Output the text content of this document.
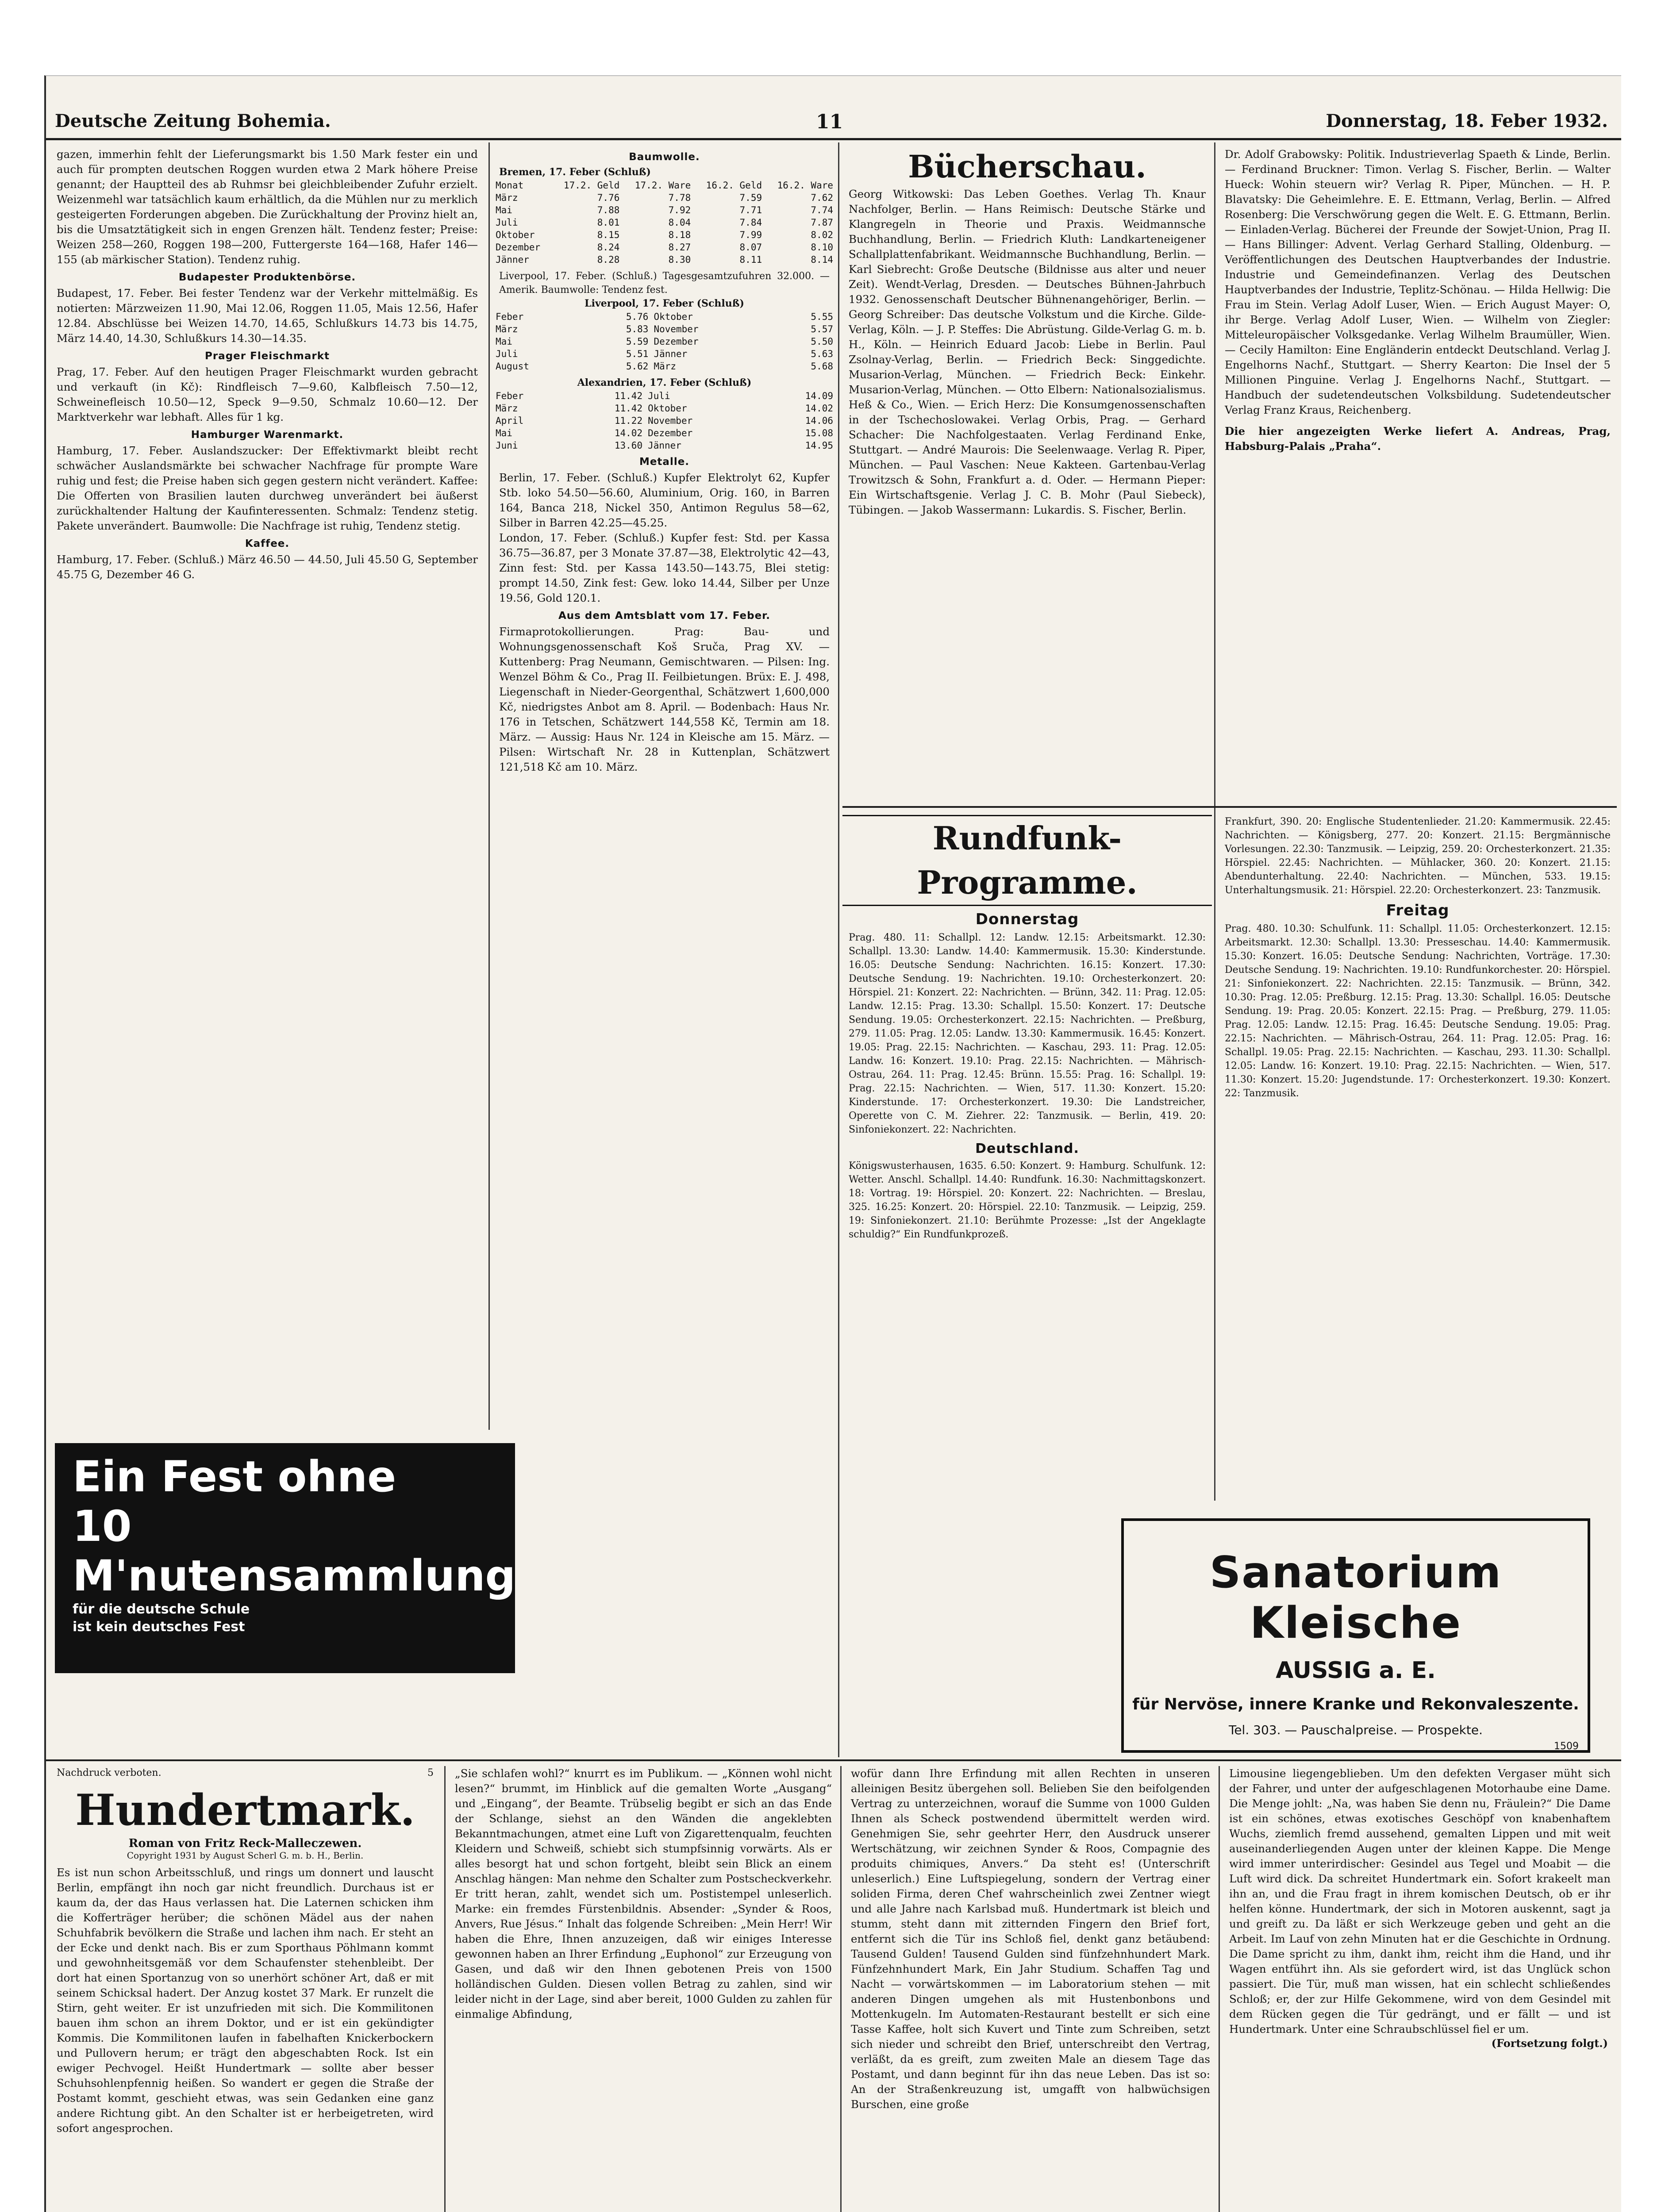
Deutsche Zeitung Bohemia.	11	Donnerstag, 18. Feber 1932.

gazen, immerhin fehlt der Lieferungsmarkt bis 1.50 Mark fester ein und auch für prompten deutschen Roggen wurden etwa 2 Mark höhere Preise genannt; der Hauptteil des ab Ruhmsr bei gleichbleibender Zufuhr erzielt. Weizenmehl war tatsächlich kaum erhältlich, da die Mühlen nur zu merklich gesteigerten Forderungen abgeben. Die Zurückhaltung der Provinz hielt an, bis die Umsatztätigkeit sich in engen Grenzen hält. Tendenz fester; Preise: Weizen 258—260, Roggen 198—200, Futtergerste 164—168, Hafer 146—155 (ab märkischer Station). Tendenz ruhig.

Budapester Produktenbörse.

Budapest, 17. Feber. Bei fester Tendenz war der Verkehr mittelmäßig. Es notierten: Märzweizen 11.90, Mai 12.06, Roggen 11.05, Mais 12.56, Hafer 12.84. Abschlüsse bei Weizen 14.70, 14.65, Schlußkurs 14.73 bis 14.75, März 14.40, 14.30, Schlußkurs 14.30—14.35.

Prager Fleischmarkt

Prag, 17. Feber. Auf den heutigen Prager Fleischmarkt wurden gebracht und verkauft (in Kč): Rindfleisch 7—9.60, Kalbfleisch 7.50—12, Schweinefleisch 10.50—12, Speck 9—9.50, Schmalz 10.60—12. Der Marktverkehr war lebhaft. Alles für 1 kg.

Hamburger Warenmarkt.

Hamburg, 17. Feber. Auslandszucker: Der Effektivmarkt bleibt recht schwächer Auslandsmärkte bei schwacher Nachfrage für prompte Ware ruhig und fest; die Preise haben sich gegen gestern nicht verändert. Kaffee: Die Offerten von Brasilien lauten durchweg unverändert bei äußerst zurückhaltender Haltung der Kaufinteressenten. Schmalz: Tendenz stetig. Pakete unverändert. Baumwolle: Die Nachfrage ist ruhig, Tendenz stetig.

Kaffee.

Hamburg, 17. Feber. (Schluß.) März 46.50 — 44.50, Juli 45.50 G, September 45.75 G, Dezember 46 G.

Baumwolle.
Bremen, 17. Feber (Schluß)
Monat	17.2. Geld	17.2. Ware	16.2. Geld	16.2. Ware
März	7.76	7.78	7.59	7.62
Mai	7.88	7.92	7.71	7.74
Juli	8.01	8.04	7.84	7.87
Oktober	8.15	8.18	7.99	8.02
Dezember	8.24	8.27	8.07	8.10
Jänner	8.28	8.30	8.11	8.14

Liverpool, 17. Feber. (Schluß.) Tagesgesamtzufuhren 32.000. — Amerik. Baumwolle: Tendenz fest.

Liverpool, 17. Feber (Schluß)
Feber	5.76	Oktober	5.55
März	5.83	November	5.57
Mai	5.59	Dezember	5.50
Juli	5.51	Jänner	5.63
August	5.62	März	5.68
Alexandrien, 17. Feber (Schluß)
Feber	11.42	Juli	14.09
März	11.42	Oktober	14.02
April	11.22	November	14.06
Mai	14.02	Dezember	15.08
Juni	13.60	Jänner	14.95
Metalle.

Berlin, 17. Feber. (Schluß.) Kupfer Elektrolyt 62, Kupfer Stb. loko 54.50—56.60, Aluminium, Orig. 160, in Barren 164, Banca 218, Nickel 350, Antimon Regulus 58—62, Silber in Barren 42.25—45.25.

London, 17. Feber. (Schluß.) Kupfer fest: Std. per Kassa 36.75—36.87, per 3 Monate 37.87—38, Elektrolytic 42—43, Zinn fest: Std. per Kassa 143.50—143.75, Blei stetig: prompt 14.50, Zink fest: Gew. loko 14.44, Silber per Unze 19.56, Gold 120.1.

Aus dem Amtsblatt vom 17. Feber.

Firmaprotokollierungen. Prag: Bau- und Wohnungsgenossenschaft Koš Sruča, Prag XV. — Kuttenberg: Prag Neumann, Gemischtwaren. — Pilsen: Ing. Wenzel Böhm & Co., Prag II. Feilbietungen. Brüx: E. J. 498, Liegenschaft in Nieder-Georgenthal, Schätzwert 1,600,000 Kč, niedrigstes Anbot am 8. April. — Bodenbach: Haus Nr. 176 in Tetschen, Schätzwert 144,558 Kč, Termin am 18. März. — Aussig: Haus Nr. 124 in Kleische am 15. März. — Pilsen: Wirtschaft Nr. 28 in Kuttenplan, Schätzwert 121,518 Kč am 10. März.

Bücherschau.

Georg Witkowski: Das Leben Goethes. Verlag Th. Knaur Nachfolger, Berlin. — Hans Reimisch: Deutsche Stärke und Klangregeln in Theorie und Praxis. Weidmannsche Buchhandlung, Berlin. — Friedrich Kluth: Landkarteneigener Schallplattenfabrikant. Weidmannsche Buchhandlung, Berlin. — Karl Siebrecht: Große Deutsche (Bildnisse aus alter und neuer Zeit). Wendt-Verlag, Dresden. — Deutsches Bühnen-Jahrbuch 1932. Genossenschaft Deutscher Bühnenangehöriger, Berlin. — Georg Schreiber: Das deutsche Volkstum und die Kirche. Gilde-Verlag, Köln. — J. P. Steffes: Die Abrüstung. Gilde-Verlag G. m. b. H., Köln. — Heinrich Eduard Jacob: Liebe in Berlin. Paul Zsolnay-Verlag, Berlin. — Friedrich Beck: Singgedichte. Musarion-Verlag, München. — Friedrich Beck: Einkehr. Musarion-Verlag, München. — Otto Elbern: Nationalsozialismus. Heß & Co., Wien. — Erich Herz: Die Konsumgenossenschaften in der Tschechoslowakei. Verlag Orbis, Prag. — Gerhard Schacher: Die Nachfolgestaaten. Verlag Ferdinand Enke, Stuttgart. — André Maurois: Die Seelenwaage. Verlag R. Piper, München. — Paul Vaschen: Neue Kakteen. Gartenbau-Verlag Trowitzsch & Sohn, Frankfurt a. d. Oder. — Hermann Pieper: Ein Wirtschaftsgenie. Verlag J. C. B. Mohr (Paul Siebeck), Tübingen. — Jakob Wassermann: Lukardis. S. Fischer, Berlin.

Dr. Adolf Grabowsky: Politik. Industrieverlag Spaeth & Linde, Berlin. — Ferdinand Bruckner: Timon. Verlag S. Fischer, Berlin. — Walter Hueck: Wohin steuern wir? Verlag R. Piper, München. — H. P. Blavatsky: Die Geheimlehre. E. E. Ettmann, Verlag, Berlin. — Alfred Rosenberg: Die Verschwörung gegen die Welt. E. G. Ettmann, Berlin. — Einladen-Verlag. Bücherei der Freunde der Sowjet-Union, Prag II. — Hans Billinger: Advent. Verlag Gerhard Stalling, Oldenburg. — Veröffentlichungen des Deutschen Hauptverbandes der Industrie. Industrie und Gemeindefinanzen. Verlag des Deutschen Hauptverbandes der Industrie, Teplitz-Schönau. — Hilda Hellwig: Die Frau im Stein. Verlag Adolf Luser, Wien. — Erich August Mayer: O, ihr Berge. Verlag Adolf Luser, Wien. — Wilhelm von Ziegler: Mitteleuropäischer Volksgedanke. Verlag Wilhelm Braumüller, Wien. — Cecily Hamilton: Eine Engländerin entdeckt Deutschland. Verlag J. Engelhorns Nachf., Stuttgart. — Sherry Kearton: Die Insel der 5 Millionen Pinguine. Verlag J. Engelhorns Nachf., Stuttgart. — Handbuch der sudetendeutschen Volksbildung. Sudetendeutscher Verlag Franz Kraus, Reichenberg.

Die hier angezeigten Werke liefert A. Andreas, Prag, Habsburg-Palais „Praha“.

Rundfunk-Programme.
Donnerstag

Prag. 480. 11: Schallpl. 12: Landw. 12.15: Arbeitsmarkt. 12.30: Schallpl. 13.30: Landw. 14.40: Kammermusik. 15.30: Kinderstunde. 16.05: Deutsche Sendung: Nachrichten. 16.15: Konzert. 17.30: Deutsche Sendung. 19: Nachrichten. 19.10: Orchesterkonzert. 20: Hörspiel. 21: Konzert. 22: Nachrichten. — Brünn, 342. 11: Prag. 12.05: Landw. 12.15: Prag. 13.30: Schallpl. 15.50: Konzert. 17: Deutsche Sendung. 19.05: Orchesterkonzert. 22.15: Nachrichten. — Preßburg, 279. 11.05: Prag. 12.05: Landw. 13.30: Kammermusik. 16.45: Konzert. 19.05: Prag. 22.15: Nachrichten. — Kaschau, 293. 11: Prag. 12.05: Landw. 16: Konzert. 19.10: Prag. 22.15: Nachrichten. — Mährisch-Ostrau, 264. 11: Prag. 12.45: Brünn. 15.55: Prag. 16: Schallpl. 19: Prag. 22.15: Nachrichten. — Wien, 517. 11.30: Konzert. 15.20: Kinderstunde. 17: Orchesterkonzert. 19.30: Die Landstreicher, Operette von C. M. Ziehrer. 22: Tanzmusik. — Berlin, 419. 20: Sinfoniekonzert. 22: Nachrichten.

Deutschland.

Königswusterhausen, 1635. 6.50: Konzert. 9: Hamburg. Schulfunk. 12: Wetter. Anschl. Schallpl. 14.40: Rundfunk. 16.30: Nachmittagskonzert. 18: Vortrag. 19: Hörspiel. 20: Konzert. 22: Nachrichten. — Breslau, 325. 16.25: Konzert. 20: Hörspiel. 22.10: Tanzmusik. — Leipzig, 259. 19: Sinfoniekonzert. 21.10: Berühmte Prozesse: „Ist der Angeklagte schuldig?“ Ein Rundfunkprozeß.

Frankfurt, 390. 20: Englische Studentenlieder. 21.20: Kammermusik. 22.45: Nachrichten. — Königsberg, 277. 20: Konzert. 21.15: Bergmännische Vorlesungen. 22.30: Tanzmusik. — Leipzig, 259. 20: Orchesterkonzert. 21.35: Hörspiel. 22.45: Nachrichten. — Mühlacker, 360. 20: Konzert. 21.15: Abendunterhaltung. 22.40: Nachrichten. — München, 533. 19.15: Unterhaltungsmusik. 21: Hörspiel. 22.20: Orchesterkonzert. 23: Tanzmusik.

Freitag

Prag. 480. 10.30: Schulfunk. 11: Schallpl. 11.05: Orchesterkonzert. 12.15: Arbeitsmarkt. 12.30: Schallpl. 13.30: Presseschau. 14.40: Kammermusik. 15.30: Konzert. 16.05: Deutsche Sendung: Nachrichten, Vorträge. 17.30: Deutsche Sendung. 19: Nachrichten. 19.10: Rundfunkorchester. 20: Hörspiel. 21: Sinfoniekonzert. 22: Nachrichten. 22.15: Tanzmusik. — Brünn, 342. 10.30: Prag. 12.05: Preßburg. 12.15: Prag. 13.30: Schallpl. 16.05: Deutsche Sendung. 19: Prag. 20.05: Konzert. 22.15: Prag. — Preßburg, 279. 11.05: Prag. 12.05: Landw. 12.15: Prag. 16.45: Deutsche Sendung. 19.05: Prag. 22.15: Nachrichten. — Mährisch-Ostrau, 264. 11: Prag. 12.05: Prag. 16: Schallpl. 19.05: Prag. 22.15: Nachrichten. — Kaschau, 293. 11.30: Schallpl. 12.05: Landw. 16: Konzert. 19.10: Prag. 22.15: Nachrichten. — Wien, 517. 11.30: Konzert. 15.20: Jugendstunde. 17: Orchesterkonzert. 19.30: Konzert. 22: Tanzmusik.

Ein Fest ohne
10 M'nutensammlung
für die deutsche Schule
ist kein deutsches Fest
Sanatorium Kleische
AUSSIG a. E.
für Nervöse, innere Kranke und Rekonvaleszente.
Tel. 303. — Pauschalpreise. — Prospekte.
1509
Nachdruck verboten.	5
Hundertmark.
Roman von Fritz Reck-Malleczewen.
Copyright 1931 by August Scherl G. m. b. H., Berlin.

Es ist nun schon Arbeitsschluß, und rings um donnert und lauscht Berlin, empfängt ihn noch gar nicht freundlich. Durchaus ist er kaum da, der das Haus verlassen hat. Die Laternen schicken ihm die Kofferträger herüber; die schönen Mädel aus der nahen Schuhfabrik bevölkern die Straße und lachen ihm nach. Er steht an der Ecke und denkt nach. Bis er zum Sporthaus Pöhlmann kommt und gewohnheitsgemäß vor dem Schaufenster stehenbleibt. Der dort hat einen Sportanzug von so unerhört schöner Art, daß er mit seinem Schicksal hadert. Der Anzug kostet 37 Mark. Er runzelt die Stirn, geht weiter. Er ist unzufrieden mit sich. Die Kommilitonen bauen ihm schon an ihrem Doktor, und er ist ein gekündigter Kommis. Die Kommilitonen laufen in fabelhaften Knickerbockern und Pullovern herum; er trägt den abgeschabten Rock. Ist ein ewiger Pechvogel. Heißt Hundertmark — sollte aber besser Schuhsohlenpfennig heißen. So wandert er gegen die Straße der Postamt kommt, geschieht etwas, was sein Gedanken eine ganz andere Richtung gibt. An den Schalter ist er herbeigetreten, wird sofort angesprochen.

„Sie schlafen wohl?“ knurrt es im Publikum. — „Können wohl nicht lesen?“ brummt, im Hinblick auf die gemalten Worte „Ausgang“ und „Eingang“, der Beamte. Trübselig begibt er sich an das Ende der Schlange, siehst an den Wänden die angeklebten Bekanntmachungen, atmet eine Luft von Zigarettenqualm, feuchten Kleidern und Schweiß, schiebt sich stumpfsinnig vorwärts. Als er alles besorgt hat und schon fortgeht, bleibt sein Blick an einem Anschlag hängen: Man nehme den Schalter zum Postscheckverkehr. Er tritt heran, zahlt, wendet sich um. Postistempel unleserlich. Marke: ein fremdes Fürstenbildnis. Absender: „Synder & Roos, Anvers, Rue Jésus.“ Inhalt das folgende Schreiben: „Mein Herr! Wir haben die Ehre, Ihnen anzuzeigen, daß wir einiges Interesse gewonnen haben an Ihrer Erfindung „Euphonol“ zur Erzeugung von Gasen, und daß wir den Ihnen gebotenen Preis von 1500 holländischen Gulden. Diesen vollen Betrag zu zahlen, sind wir leider nicht in der Lage, sind aber bereit, 1000 Gulden zu zahlen für einmalige Abfindung,

wofür dann Ihre Erfindung mit allen Rechten in unseren alleinigen Besitz übergehen soll. Belieben Sie den beifolgenden Vertrag zu unterzeichnen, worauf die Summe von 1000 Gulden Ihnen als Scheck postwendend übermittelt werden wird. Genehmigen Sie, sehr geehrter Herr, den Ausdruck unserer Wertschätzung, wir zeichnen Synder & Roos, Compagnie des produits chimiques, Anvers.“ Da steht es! (Unterschrift unleserlich.) Eine Luftspiegelung, sondern der Vertrag einer soliden Firma, deren Chef wahrscheinlich zwei Zentner wiegt und alle Jahre nach Karlsbad muß. Hundertmark ist bleich und stumm, steht dann mit zitternden Fingern den Brief fort, entfernt sich die Tür ins Schloß fiel, denkt ganz betäubend: Tausend Gulden! Tausend Gulden sind fünfzehnhundert Mark. Fünfzehnhundert Mark, Ein Jahr Studium. Schaffen Tag und Nacht — vorwärtskommen — im Laboratorium stehen — mit anderen Dingen umgehen als mit Hustenbonbons und Mottenkugeln. Im Automaten-Restaurant bestellt er sich eine Tasse Kaffee, holt sich Kuvert und Tinte zum Schreiben, setzt sich nieder und schreibt den Brief, unterschreibt den Vertrag, verläßt, da es greift, zum zweiten Male an diesem Tage das Postamt, und dann beginnt für ihn das neue Leben. Das ist so: An der Straßenkreuzung ist, umgafft von halbwüchsigen Burschen, eine große

Limousine liegengeblieben. Um den defekten Vergaser müht sich der Fahrer, und unter der aufgeschlagenen Motorhaube eine Dame. Die Menge johlt: „Na, was haben Sie denn nu, Fräulein?“ Die Dame ist ein schönes, etwas exotisches Geschöpf von knabenhaftem Wuchs, ziemlich fremd aussehend, gemalten Lippen und mit weit auseinanderliegenden Augen unter der kleinen Kappe. Die Menge wird immer unterirdischer: Gesindel aus Tegel und Moabit — die Luft wird dick. Da schreitet Hundertmark ein. Sofort krakeelt man ihn an, und die Frau fragt in ihrem komischen Deutsch, ob er ihr helfen könne. Hundertmark, der sich in Motoren auskennt, sagt ja und greift zu. Da läßt er sich Werkzeuge geben und geht an die Arbeit. Im Lauf von zehn Minuten hat er die Geschichte in Ordnung. Die Dame spricht zu ihm, dankt ihm, reicht ihm die Hand, und ihr Wagen entführt ihn. Als sie gefordert wird, ist das Unglück schon passiert. Die Tür, muß man wissen, hat ein schlecht schließendes Schloß; er, der zur Hilfe Gekommene, wird von dem Gesindel mit dem Rücken gegen die Tür gedrängt, und er fällt — und ist Hundertmark. Unter eine Schraubschlüssel fiel er um.

(Fortsetzung folgt.)
